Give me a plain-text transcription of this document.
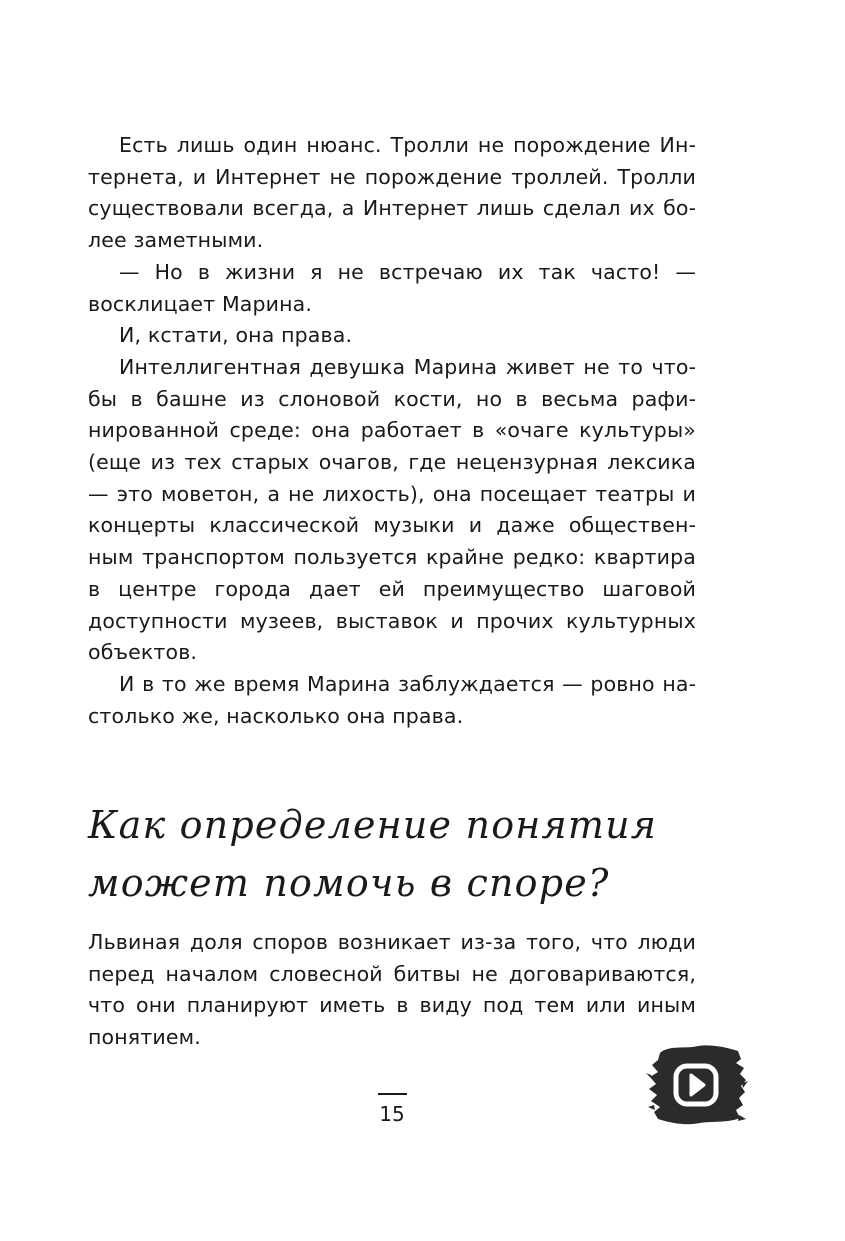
Есть лишь один нюанс. Тролли не порождение Интернета, и Интернет не порождение троллей. Тролли существовали всегда, а Интернет лишь сделал их более заметными.

— Но в жизни я не встречаю их так часто! — восклицает Марина.

И, кстати, она права.

Интеллигентная девушка Марина живет не то чтобы в башне из слоновой кости, но в весьма рафинированной среде: она работает в «очаге культуры» (еще из тех старых очагов, где нецензурная лексика — это моветон, а не лихость), она посещает театры и концерты классической музыки и даже общественным транспортом пользуется крайне редко: квартира в центре города дает ей преимущество шаговой доступности музеев, выставок и прочих культурных объектов.

И в то же время Марина заблуждается — ровно настолько же, насколько она права.

Как определение понятия
может помочь в споре?

Львиная доля споров возникает из-за того, что люди перед началом словесной битвы не договариваются, что они планируют иметь в виду под тем или иным понятием.

15
